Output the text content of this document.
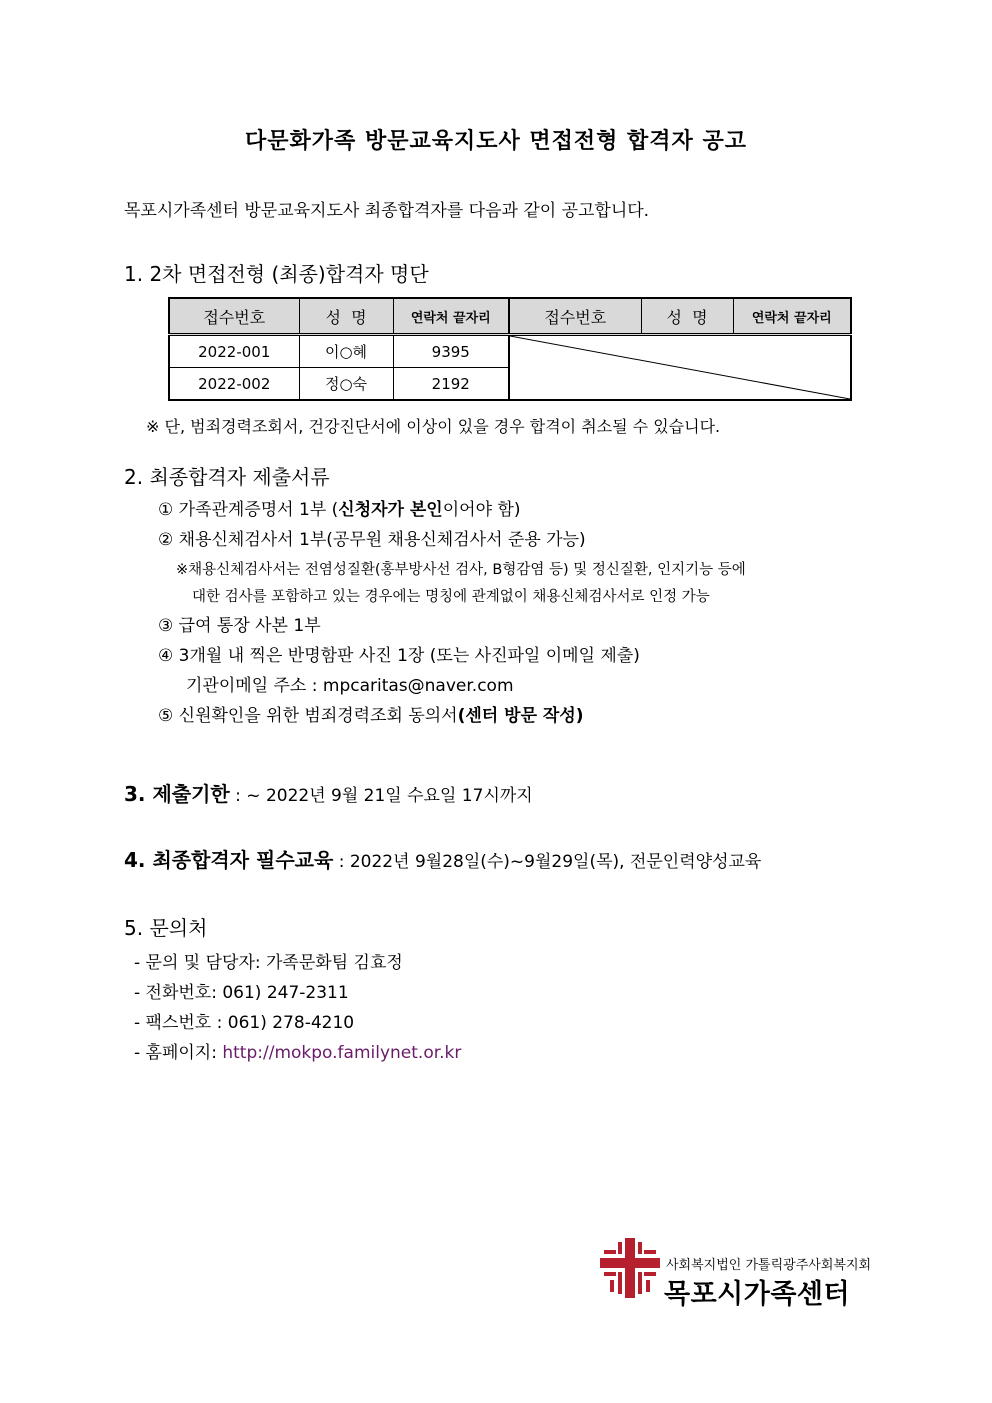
다문화가족 방문교육지도사 면접전형 합격자 공고
목포시가족센터 방문교육지도사 최종합격자를 다음과 같이 공고합니다.
1. 2차 면접전형 (최종)합격자 명단
접수번호	성  명	연락처 끝자리	접수번호	성  명	연락처 끝자리
2022-001	이○혜	9395	

2022-002	정○숙	2192			
※ 단, 범죄경력조회서, 건강진단서에 이상이 있을 경우 합격이 취소될 수 있습니다.
2. 최종합격자 제출서류
① 가족관계증명서 1부 (신청자가 본인이어야 함)
② 채용신체검사서 1부(공무원 채용신체검사서 준용 가능)
※채용신체검사서는 전염성질환(홍부방사선 검사, B형감염 등) 및 정신질환, 인지기능 등에
대한 검사를 포함하고 있는 경우에는 명칭에 관계없이 채용신체검사서로 인정 가능
③ 급여 통장 사본 1부
④ 3개월 내 찍은 반명함판 사진 1장 (또는 사진파일 이메일 제출)
기관이메일 주소 : mpcaritas@naver.com
⑤ 신원확인을 위한 범죄경력조회 동의서(센터 방문 작성)
3. 제출기한 : ~ 2022년 9월 21일 수요일 17시까지
4. 최종합격자 필수교육 : 2022년 9월28일(수)~9월29일(목), 전문인력양성교육
5. 문의처
- 문의 및 담당자: 가족문화팀 김효정
- 전화번호: 061) 247-2311
- 팩스번호 : 061) 278-4210
- 홈페이지: http://mokpo.familynet.or.kr
사회복지법인 가톨릭광주사회복지회
목포시가족센터
